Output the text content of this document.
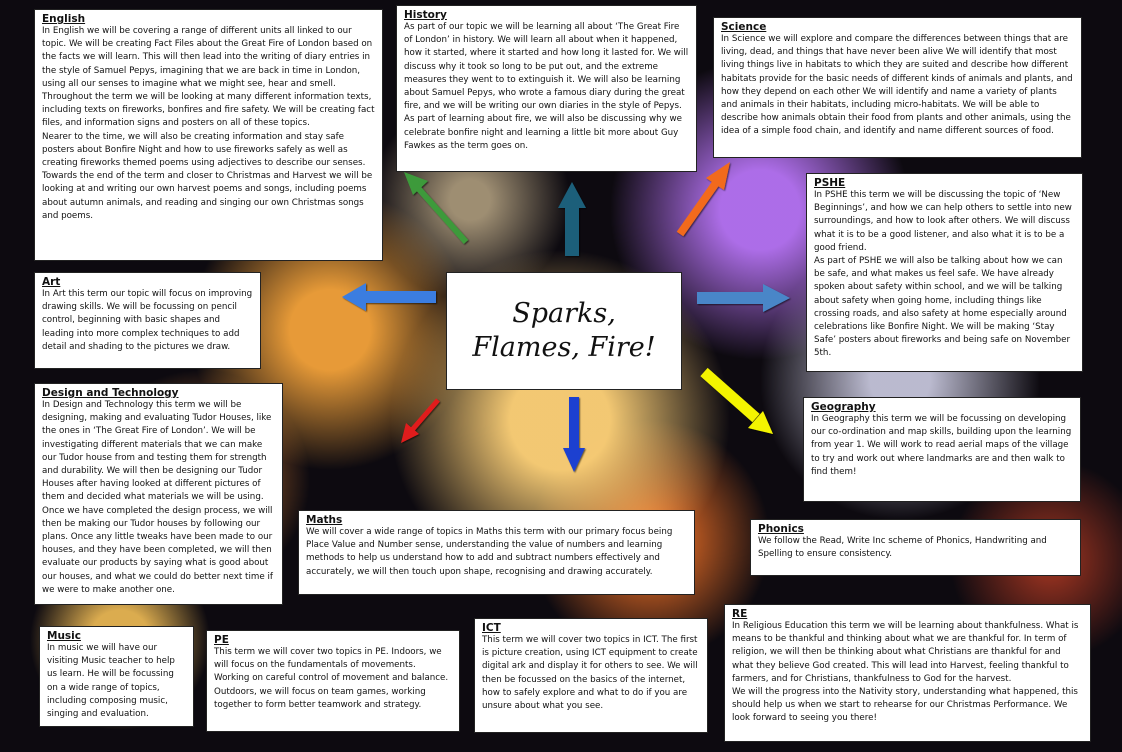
Sparks,
Flames, Fire!
English
In English we will be covering a range of different units all linked to our topic. We will be creating Fact Files about the Great Fire of London based on the facts we will learn. This will then lead into the writing of diary entries in the style of Samuel Pepys, imagining that we are back in time in London, using all our senses to imagine what we might see, hear and smell. Throughout the term we will be looking at many different information texts, including texts on fireworks, bonfires and fire safety. We will be creating fact files, and information signs and posters on all of these topics.
Nearer to the time, we will also be creating information and stay safe posters about Bonfire Night and how to use fireworks safely as well as creating fireworks themed poems using adjectives to describe our senses. Towards the end of the term and closer to Christmas and Harvest we will be looking at and writing our own harvest poems and songs, including poems about autumn animals, and reading and singing our own Christmas songs and poems.
History
As part of our topic we will be learning all about ‘The Great Fire of London’ in history. We will learn all about when it happened, how it started, where it started and how long it lasted for. We will discuss why it took so long to be put out, and the extreme measures they went to to extinguish it. We will also be learning about Samuel Pepys, who wrote a famous diary during the great fire, and we will be writing our own diaries in the style of Pepys.
As part of learning about fire, we will also be discussing why we celebrate bonfire night and learning a little bit more about Guy Fawkes as the term goes on.
Science
In Science we will explore and compare the differences between things that are living, dead, and things that have never been alive We will identify that most living things live in habitats to which they are suited and describe how different habitats provide for the basic needs of different kinds of animals and plants, and how they depend on each other We will identify and name a variety of plants and animals in their habitats, including micro-habitats. We will be able to describe how animals obtain their food from plants and other animals, using the idea of a simple food chain, and identify and name different sources of food.
PSHE
In PSHE this term we will be discussing the topic of ‘New Beginnings’, and how we can help others to settle into new surroundings, and how to look after others. We will discuss what it is to be a good listener, and also what it is to be a good friend.
As part of PSHE we will also be talking about how we can be safe, and what makes us feel safe. We have already spoken about safety within school, and we will be talking about safety when going home, including things like crossing roads, and also safety at home especially around celebrations like Bonfire Night. We will be making ‘Stay Safe’ posters about fireworks and being safe on November 5th.
Art
In Art this term our topic will focus on improving drawing skills. We will be focussing on pencil control, beginning with basic shapes and leading into more complex techniques to add detail and shading to the pictures we draw.
Design and Technology
In Design and Technology this term we will be designing, making and evaluating Tudor Houses, like the ones in ‘The Great Fire of London’. We will be investigating different materials that we can make our Tudor house from and testing them for strength and durability. We will then be designing our Tudor Houses after having looked at different pictures of them and decided what materials we will be using. Once we have completed the design process, we will then be making our Tudor houses by following our plans. Once any little tweaks have been made to our houses, and they have been completed, we will then evaluate our products by saying what is good about our houses, and what we could do better next time if we were to make another one.
Geography
In Geography this term we will be focussing on developing our co-ordination and map skills, building upon the learning from year 1. We will work to read aerial maps of the village to try and work out where landmarks are and then walk to find them!
Maths
We will cover a wide range of topics in Maths this term with our primary focus being Place Value and Number sense, understanding the value of numbers and learning methods to help us understand how to add and subtract numbers effectively and accurately, we will then touch upon shape, recognising and drawing accurately.
Phonics
We follow the Read, Write Inc scheme of Phonics, Handwriting and Spelling to ensure consistency.
Music
In music we will have our visiting Music teacher to help us learn. He will be focussing on a wide range of topics, including composing music, singing and evaluation.
PE
This term we will cover two topics in PE. Indoors, we will focus on the fundamentals of movements. Working on careful control of movement and balance. Outdoors, we will focus on team games, working together to form better teamwork and strategy.
ICT
This term we will cover two topics in ICT. The first is picture creation, using ICT equipment to create digital ark and display it for others to see. We will then be focussed on the basics of the internet, how to safely explore and what to do if you are unsure about what you see.
RE
In Religious Education this term we will be learning about thankfulness. What is means to be thankful and thinking about what we are thankful for. In term of religion, we will then be thinking about what Christians are thankful for and what they believe God created. This will lead into Harvest, feeling thankful to farmers, and for Christians, thankfulness to God for the harvest.
We will the progress into the Nativity story, understanding what happened, this should help us when we start to rehearse for our Christmas Performance. We look forward to seeing you there!
